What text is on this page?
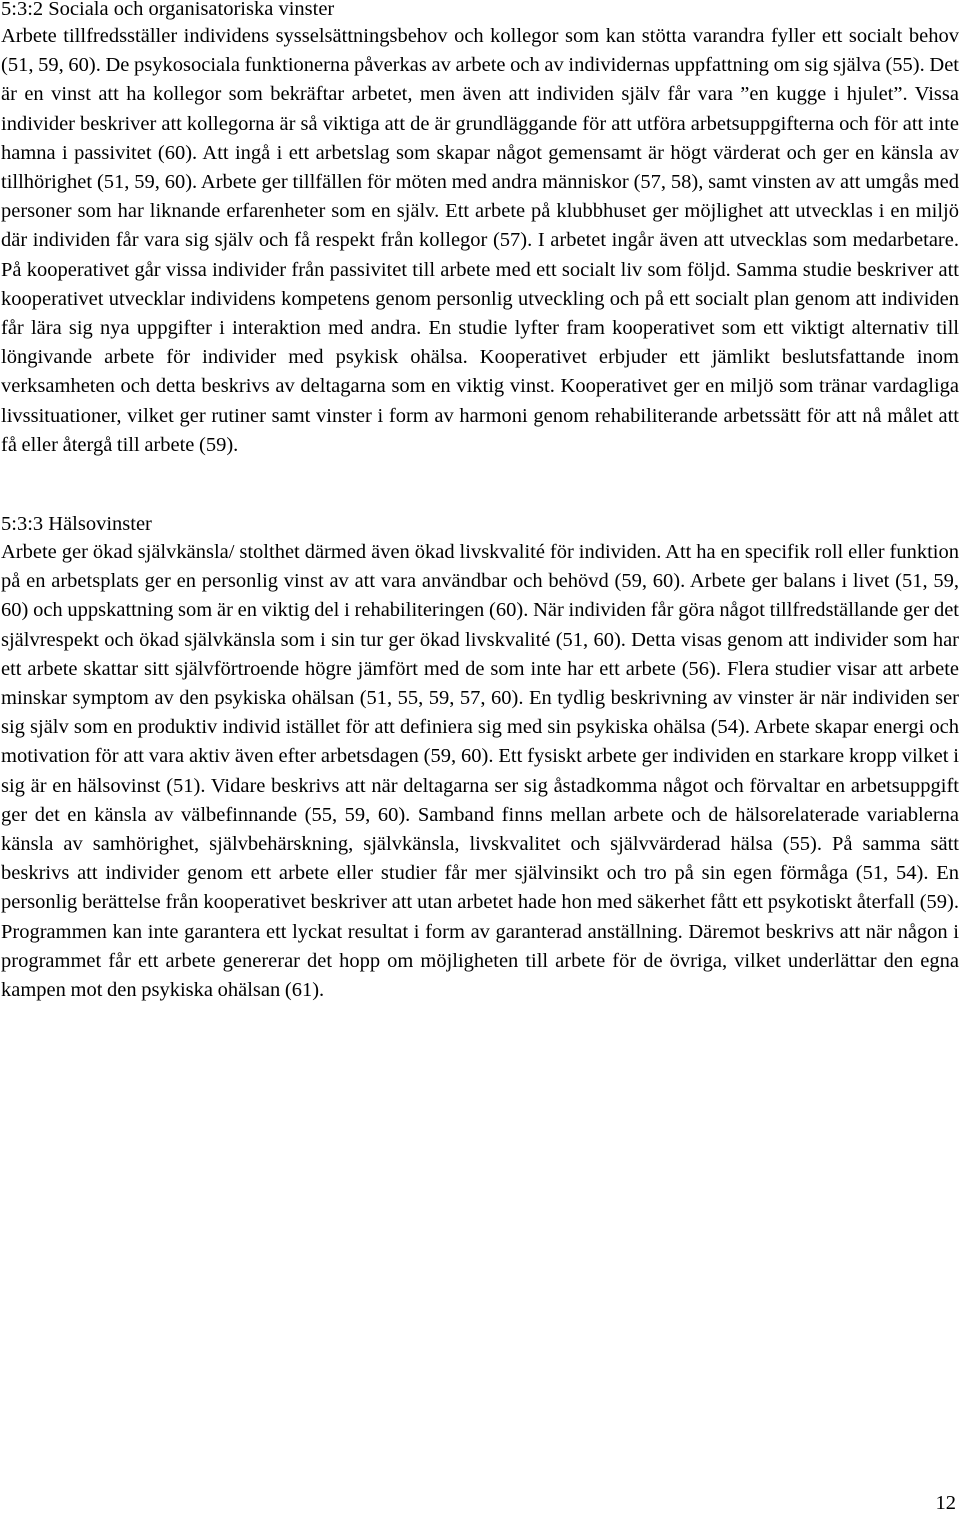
5:3:2 Sociala och organisatoriska vinster

Arbete tillfredsställer individens sysselsättningsbehov och kollegor som kan stötta varandra fyller ett socialt behov (51, 59, 60). De psykosociala funktionerna påverkas av arbete och av individernas uppfattning om sig själva (55). Det är en vinst att ha kollegor som bekräftar arbetet, men även att individen själv får vara ”en kugge i hjulet”. Vissa individer beskriver att kollegorna är så viktiga att de är grundläggande för att utföra arbetsuppgifterna och för att inte hamna i passivitet (60). Att ingå i ett arbetslag som skapar något gemensamt är högt värderat och ger en känsla av tillhörighet (51, 59, 60). Arbete ger tillfällen för möten med andra människor (57, 58), samt vinsten av att umgås med personer som har liknande erfarenheter som en själv. Ett arbete på klubbhuset ger möjlighet att utvecklas i en miljö där individen får vara sig själv och få respekt från kollegor (57). I arbetet ingår även att utvecklas som medarbetare. På kooperativet går vissa individer från passivitet till arbete med ett socialt liv som följd. Samma studie beskriver att kooperativet utvecklar individens kompetens genom personlig utveckling och på ett socialt plan genom att individen får lära sig nya uppgifter i interaktion med andra. En studie lyfter fram kooperativet som ett viktigt alternativ till löngivande arbete för individer med psykisk ohälsa. Kooperativet erbjuder ett jämlikt beslutsfattande inom verksamheten och detta beskrivs av deltagarna som en viktig vinst. Kooperativet ger en miljö som tränar vardagliga livssituationer, vilket ger rutiner samt vinster i form av harmoni genom rehabiliterande arbetssätt för att nå målet att få eller återgå till arbete (59).

5:3:3 Hälsovinster

Arbete ger ökad självkänsla/ stolthet därmed även ökad livskvalité för individen. Att ha en specifik roll eller funktion på en arbetsplats ger en personlig vinst av att vara användbar och behövd (59, 60). Arbete ger balans i livet (51, 59, 60) och uppskattning som är en viktig del i rehabiliteringen (60). När individen får göra något tillfredställande ger det självrespekt och ökad självkänsla som i sin tur ger ökad livskvalité (51, 60). Detta visas genom att individer som har ett arbete skattar sitt självförtroende högre jämfört med de som inte har ett arbete (56). Flera studier visar att arbete minskar symptom av den psykiska ohälsan (51, 55, 59, 57, 60). En tydlig beskrivning av vinster är när individen ser sig själv som en produktiv individ istället för att definiera sig med sin psykiska ohälsa (54). Arbete skapar energi och motivation för att vara aktiv även efter arbetsdagen (59, 60). Ett fysiskt arbete ger individen en starkare kropp vilket i sig är en hälsovinst (51). Vidare beskrivs att när deltagarna ser sig åstadkomma något och förvaltar en arbetsuppgift ger det en känsla av välbefinnande (55, 59, 60). Samband finns mellan arbete och de hälsorelaterade variablerna känsla av samhörighet, självbehärskning, självkänsla, livskvalitet och självvärderad hälsa (55). På samma sätt beskrivs att individer genom ett arbete eller studier får mer självinsikt och tro på sin egen förmåga (51, 54). En personlig berättelse från kooperativet beskriver att utan arbetet hade hon med säkerhet fått ett psykotiskt återfall (59). Programmen kan inte garantera ett lyckat resultat i form av garanterad anställning. Däremot beskrivs att när någon i programmet får ett arbete genererar det hopp om möjligheten till arbete för de övriga, vilket underlättar den egna kampen mot den psykiska ohälsan (61).

12
